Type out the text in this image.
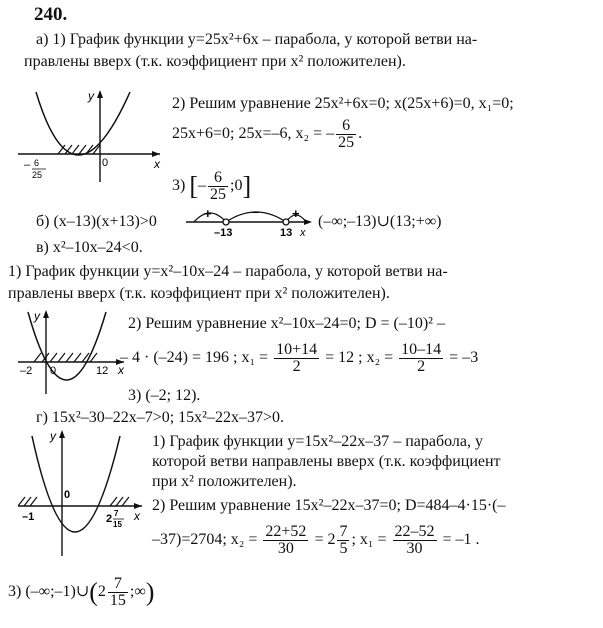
240.
а) 1) График функции y=25x²+6x – парабола, у которой ветви на-
правлены вверх (т.к. коэффициент при x² положителен).
y
x
0
– 6
25
2) Решим уравнение 25x²+6x=0; x(25x+6)=0, x₁=0;
25x+6=0; 25x=–6, x₂ = – $\frac{6}{25}$ .
3) [– $\frac{6}{25}$ ;0]
б) (x–13)(x+13)>0	+	–	+
–13	13 x
(–∞;–13)∪(13;+∞)
в) x²–10x–24<0.
1) График функции y=x²–10x–24 – парабола, у которой ветви на-
правлены вверх (т.к. коэффициент при x² положителен).
y
x
–2 0	12
2) Решим уравнение x²–10x–24=0; D = (–10)² –
– 4 · (–24) = 196 ; $x_1 = \frac{10+14}{2} = 12$ ; $x_2 = \frac{10-14}{2} = -3$
3) (–2; 12).
г) 15x²–30–22x–7>0; 15x²–22x–37>0.
y
x
–1
0
2 7
15
1) График функции y=15x²–22x–37 – парабола, у
которой ветви направлены вверх (т.к. коэффициент
при x² положителен).
2) Решим уравнение 15x²–22x–37=0; D=484–4·15·(–
–37)=2704; $x_2 = \frac{22+52}{30} = 2 \frac{7}{5}$ ; $x_1 = \frac{22-52}{30} = -1$ .
3) (–∞;–1)∪(2 $\frac{7}{15}$ ;∞)
